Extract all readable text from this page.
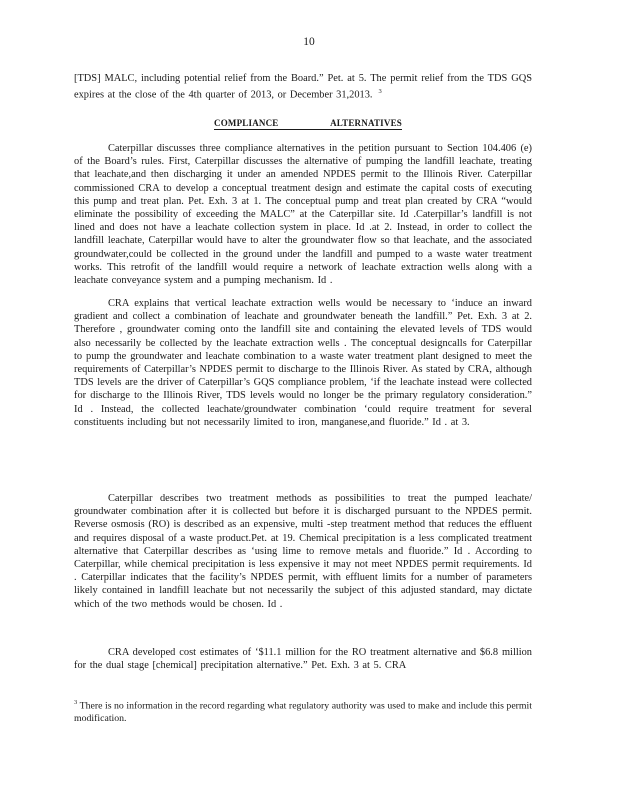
10
[TDS] MALC, including potential relief from the Board.” Pet. at 5. The permit relief from the TDS GQS expires at the close of the 4th quarter of 2013, or December 31,2013. $^3$
COMPLIANCE	ALTERNATIVES

Caterpillar discusses three compliance alternatives in the petition pursuant to Section 104.406 (e) of the Board’s rules. First, Caterpillar discusses the alternative of pumping the landfill leachate, treating that leachate,and then discharging it under an amended NPDES permit to the Illinois River. Caterpillar commissioned CRA to develop a conceptual treatment design and estimate the capital costs of executing this pump and treat plan. Pet. Exh. 3 at 1. The conceptual pump and treat plan created by CRA “would eliminate the possibility of exceeding the MALC” at the Caterpillar site. Id .Caterpillar’s landfill is not lined and does not have a leachate collection system in place. Id .at 2. Instead, in order to collect the landfill leachate, Caterpillar would have to alter the groundwater flow so that leachate, and the associated groundwater,could be collected in the ground under the landfill and pumped to a waste water treatment works. This retrofit of the landfill would require a network of leachate extraction wells along with a leachate conveyance system and a pumping mechanism. Id .

CRA explains that vertical leachate extraction wells would be necessary to ‘induce an inward gradient and collect a combination of leachate and groundwater beneath the landfill.” Pet. Exh. 3 at 2. Therefore , groundwater coming onto the landfill site and containing the elevated levels of TDS would also necessarily be collected by the leachate extraction wells . The conceptual designcalls for Caterpillar to pump the groundwater and leachate combination to a waste water treatment plant designed to meet the requirements of Caterpillar’s NPDES permit to discharge to the Illinois River. As stated by CRA, although TDS levels are the driver of Caterpillar’s GQS compliance problem, ‘if the leachate instead were collected for discharge to the Illinois River, TDS levels would no longer be the primary regulatory consideration.” Id . Instead, the collected leachate/groundwater combination ‘could require treatment for several constituents including but not necessarily limited to iron, manganese,and fluoride.” Id . at 3.

Caterpillar describes two treatment methods as possibilities to treat the pumped leachate/ groundwater combination after it is collected but before it is discharged pursuant to the NPDES permit. Reverse osmosis (RO) is described as an expensive, multi -step treatment method that reduces the effluent and requires disposal of a waste product.Pet. at 19. Chemical precipitation is a less complicated treatment alternative that Caterpillar describes as ‘using lime to remove metals and fluoride.” Id . According to Caterpillar, while chemical precipitation is less expensive it may not meet NPDES permit requirements. Id . Caterpillar indicates that the facility’s NPDES permit, with effluent limits for a number of parameters likely contained in landfill leachate but not necessarily the subject of this adjusted standard, may dictate which of the two methods would be chosen. Id .

CRA developed cost estimates of ‘$11.1 million for the RO treatment alternative and $6.8 million for the dual stage [chemical] precipitation alternative.” Pet. Exh. 3 at 5. CRA

$^3$ There is no information in the record regarding what regulatory authority was used to make and include this permit modification.
